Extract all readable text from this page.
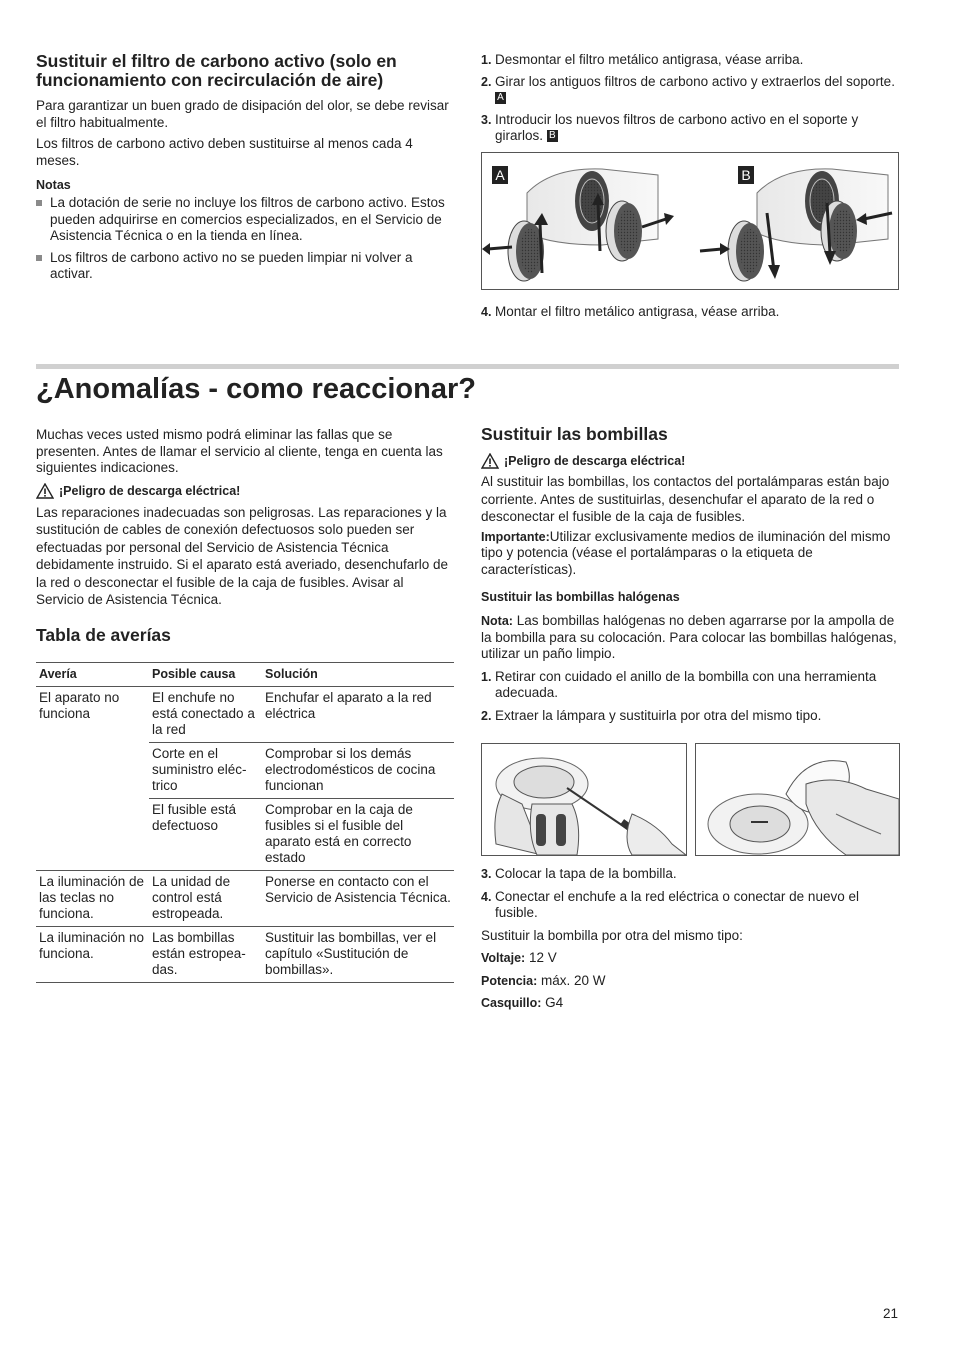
Sustituir el filtro de carbono activo (solo en funcionamiento con recirculación de aire)

Para garantizar un buen grado de disipación del olor, se debe revisar el filtro habitualmente.

Los filtros de carbono activo deben sustituirse al menos cada 4 meses.

Notas

La dotación de serie no incluye los filtros de carbono activo. Estos pueden adquirirse en comercios especializados, en el Servicio de Asistencia Técnica o en la tienda en línea.

Los filtros de carbono activo no se pueden limpiar ni volver a activar.

1. Desmontar el filtro metálico antigrasa, véase arriba.
2. Girar los antiguos filtros de carbono activo y extraerlos del soporte. A
3. Introducir los nuevos filtros de carbono activo en el soporte y girarlos. B
A	B
4. Montar el filtro metálico antigrasa, véase arriba.
¿Anomalías - como reaccionar?

Muchas veces usted mismo podrá eliminar las fallas que se presenten. Antes de llamar el servicio al cliente, tenga en cuenta las siguientes indicaciones.

¡Peligro de descarga eléctrica!

Las reparaciones inadecuadas son peligrosas. Las reparaciones y la sustitución de cables de conexión defectuosos solo pueden ser efectuadas por personal del Servicio de Asistencia Técnica debidamente instruido. Si el aparato está averiado, desenchufarlo de la red o desconectar el fusible de la caja de fusibles. Avisar al Servicio de Asistencia Técnica.

Tabla de averías
Avería	Posible causa	Solución
El aparato no funciona	El enchufe no está conectado a la red	Enchufar el aparato a la red eléctrica
	Corte en el suministro eléc-trico	Comprobar si los demás electrodomésticos de cocina funcionan
	El fusible está defectuoso	Comprobar en la caja de fusibles si el fusible del aparato está en correcto estado
La iluminación de las teclas no funciona.	La unidad de control está estropeada.	Ponerse en contacto con el Servicio de Asistencia Técnica.
La iluminación no funciona.	Las bombillas están estropea-das.	Sustituir las bombillas, ver el capítulo «Sustitución de bombillas».
Sustituir las bombillas
¡Peligro de descarga eléctrica!

Al sustituir las bombillas, los contactos del portalámparas están bajo corriente. Antes de sustituirlas, desenchufar el aparato de la red o desconectar el fusible de la caja de fusibles.

Importante:Utilizar exclusivamente medios de iluminación del mismo tipo y potencia (véase el portalámparas o la etiqueta de características).

Sustituir las bombillas halógenas

Nota: Las bombillas halógenas no deben agarrarse por la ampolla de la bombilla para su colocación. Para colocar las bombillas halógenas, utilizar un paño limpio.

1. Retirar con cuidado el anillo de la bombilla con una herramienta adecuada.
2. Extraer la lámpara y sustituirla por otra del mismo tipo.
3. Colocar la tapa de la bombilla.
4. Conectar el enchufe a la red eléctrica o conectar de nuevo el fusible.

Sustituir la bombilla por otra del mismo tipo:

Voltaje: 12 V

Potencia: máx. 20 W

Casquillo: G4

21
